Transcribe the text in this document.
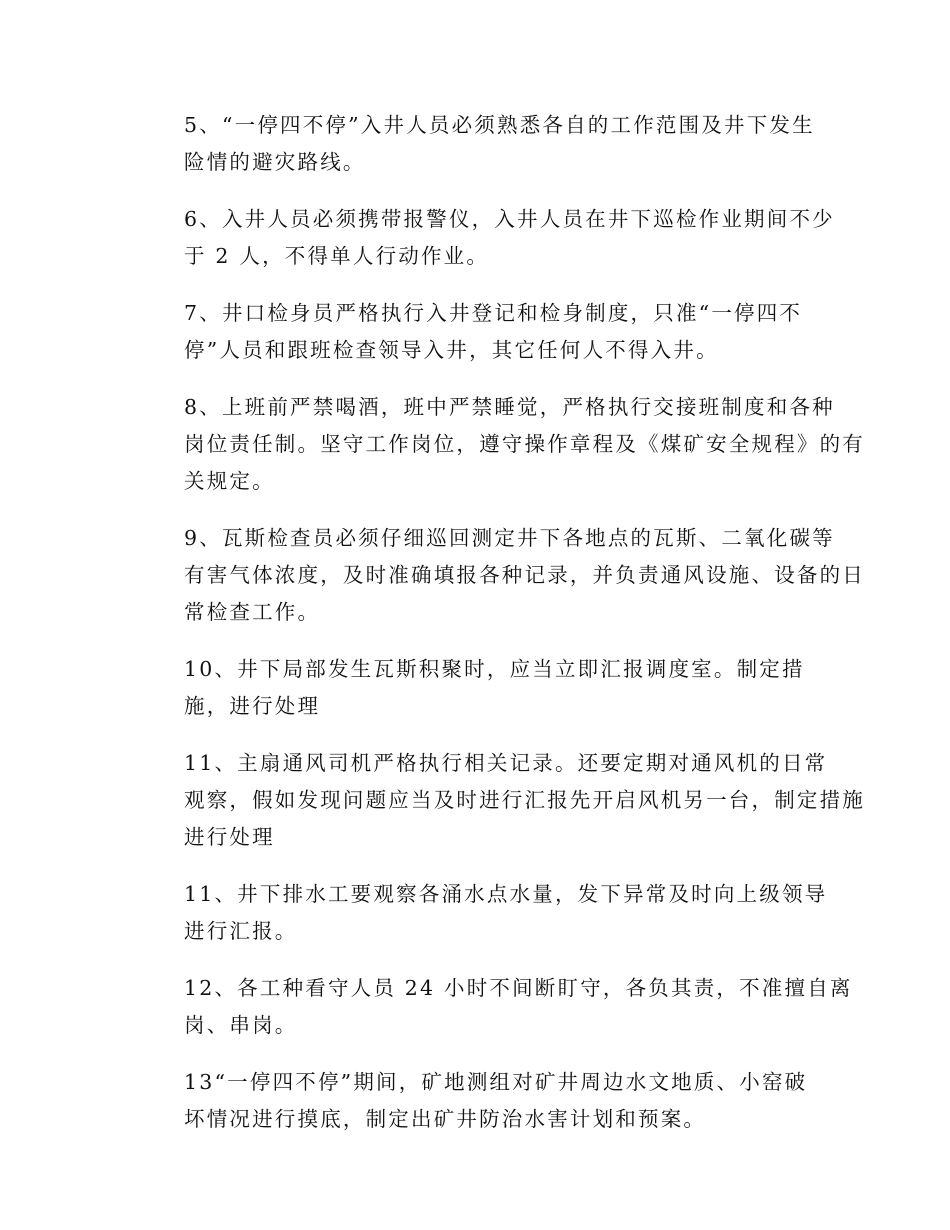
5、“一停四不停”入井人员必须熟悉各自的工作范围及井下发生
险情的避灾路线。

6、入井人员必须携带报警仪，入井人员在井下巡检作业期间不少
于 2 人，不得单人行动作业。

7、井口检身员严格执行入井登记和检身制度，只准“一停四不
停”人员和跟班检查领导入井，其它任何人不得入井。

8、上班前严禁喝酒，班中严禁睡觉，严格执行交接班制度和各种
岗位责任制。坚守工作岗位，遵守操作章程及《煤矿安全规程》的有
关规定。

9、瓦斯检查员必须仔细巡回测定井下各地点的瓦斯、二氧化碳等
有害气体浓度，及时准确填报各种记录，并负责通风设施、设备的日
常检查工作。

10、井下局部发生瓦斯积聚时，应当立即汇报调度室。制定措
施，进行处理

11、主扇通风司机严格执行相关记录。还要定期对通风机的日常
观察，假如发现问题应当及时进行汇报先开启风机另一台，制定措施
进行处理

11、井下排水工要观察各涌水点水量，发下异常及时向上级领导
进行汇报。

12、各工种看守人员 24 小时不间断盯守，各负其责，不准擅自离
岗、串岗。

13“一停四不停”期间，矿地测组对矿井周边水文地质、小窑破
坏情况进行摸底，制定出矿井防治水害计划和预案。
